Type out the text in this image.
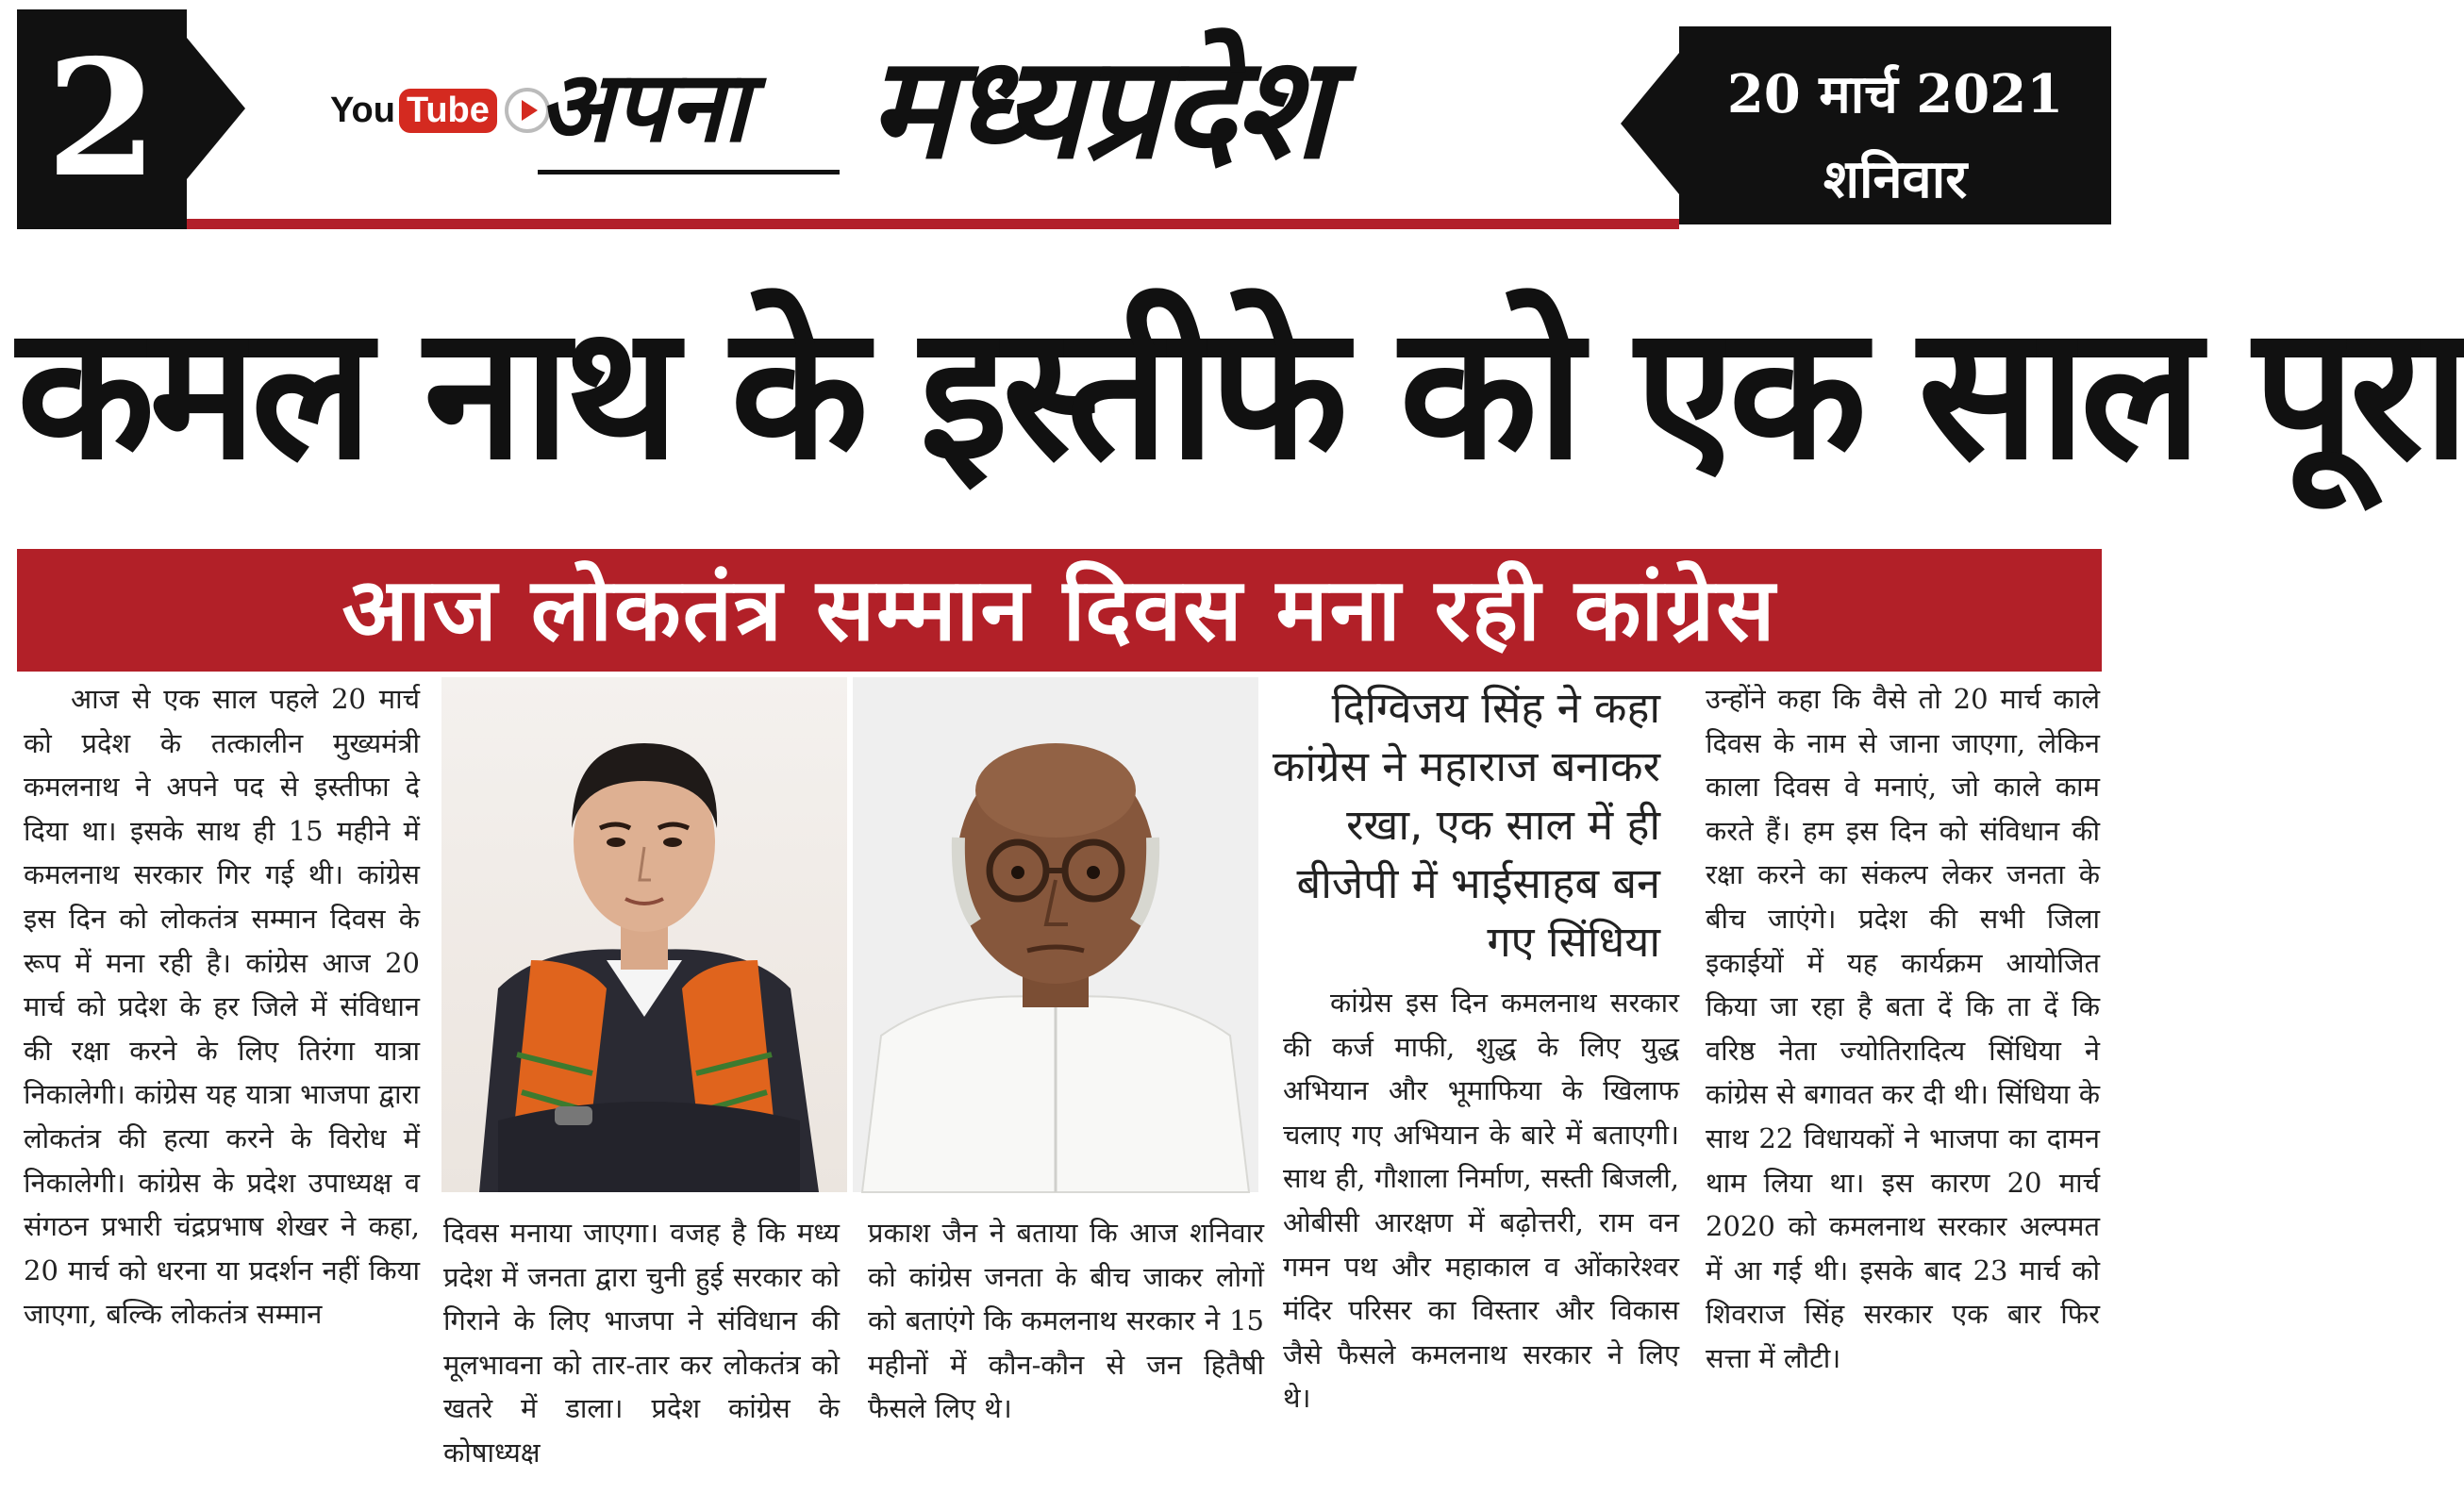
2	You Tube अपना मध्यप्रदेश	20 मार्च 2021
शनिवार
कमल नाथ के इस्तीफे को एक साल पूरा
आज लोकतंत्र सम्मान दिवस मना रही कांग्रेस
आज से एक साल पहले 20 मार्च को प्रदेश के तत्कालीन मुख्यमंत्री कमलनाथ ने अपने पद से इस्तीफा दे दिया था। इसके साथ ही 15 महीने में कमलनाथ सरकार गिर गई थी। कांग्रेस इस दिन को लोकतंत्र सम्मान दिवस के रूप में मना रही है। कांग्रेस आज 20 मार्च को प्रदेश के हर जिले में संविधान की रक्षा करने के लिए तिरंगा यात्रा निकालेगी। कांग्रेस यह यात्रा भाजपा द्वारा लोकतंत्र की हत्या करने के विरोध में निकालेगी। कांग्रेस के प्रदेश उपाध्यक्ष व संगठन प्रभारी चंद्रप्रभाष शेखर ने कहा, 20 मार्च को धरना या प्रदर्शन नहीं किया जाएगा, बल्कि लोकतंत्र सम्मान
दिवस मनाया जाएगा। वजह है कि मध्य प्रदेश में जनता द्वारा चुनी हुई सरकार को गिराने के लिए भाजपा ने संविधान की मूलभावना को तार-तार कर लोकतंत्र को खतरे में डाला। प्रदेश कांग्रेस के कोषाध्यक्ष
प्रकाश जैन ने बताया कि आज शनिवार को कांग्रेस जनता के बीच जाकर लोगों को बताएंगे कि कमलनाथ सरकार ने 15 महीनों में कौन-कौन से जन हितैषी फैसले लिए थे।
दिग्विजय सिंह ने कहा कांग्रेस ने महाराज बनाकर रखा, एक साल में ही बीजेपी में भाईसाहब बन गए सिंधिया
कांग्रेस इस दिन कमलनाथ सरकार की कर्ज माफी, शुद्ध के लिए युद्ध अभियान और भूमाफिया के खिलाफ चलाए गए अभियान के बारे में बताएगी। साथ ही, गौशाला निर्माण, सस्ती बिजली, ओबीसी आरक्षण में बढ़ोत्तरी, राम वन गमन पथ और महाकाल व ओंकारेश्वर मंदिर परिसर का विस्तार और विकास जैसे फैसले कमलनाथ सरकार ने लिए थे।
उन्होंने कहा कि वैसे तो 20 मार्च काले दिवस के नाम से जाना जाएगा, लेकिन काला दिवस वे मनाएं, जो काले काम करते हैं। हम इस दिन को संविधान की रक्षा करने का संकल्प लेकर जनता के बीच जाएंगे। प्रदेश की सभी जिला इकाईयों में यह कार्यक्रम आयोजित किया जा रहा है बता दें कि ता दें कि वरिष्ठ नेता ज्योतिरादित्य सिंधिया ने कांग्रेस से बगावत कर दी थी। सिंधिया के साथ 22 विधायकों ने भाजपा का दामन थाम लिया था। इस कारण 20 मार्च 2020 को कमलनाथ सरकार अल्पमत में आ गई थी। इसके बाद 23 मार्च को शिवराज सिंह सरकार एक बार फिर सत्ता में लौटी।
